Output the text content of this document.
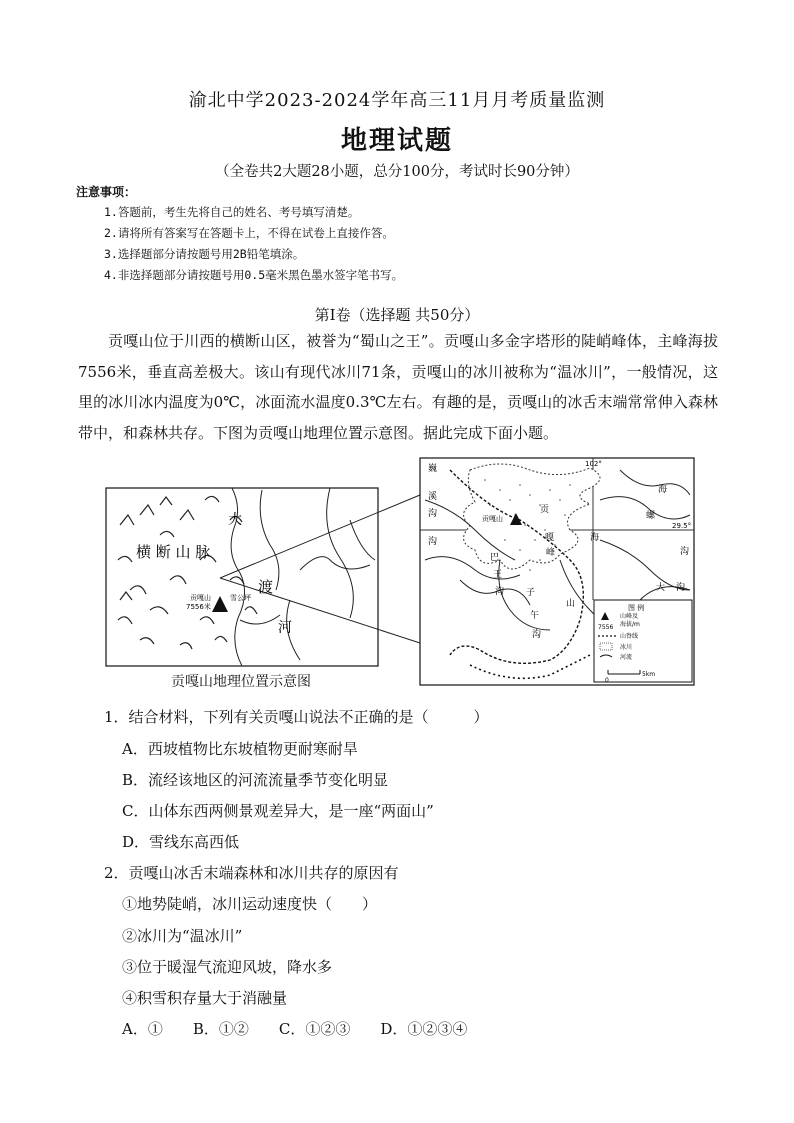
渝北中学2023-2024学年高三11月月考质量监测
地理试题
（全卷共2大题28小题，总分100分，考试时长90分钟）
注意事项：
1.答题前，考生先将自己的姓名、考号填写清楚。
2.请将所有答案写在答题卡上，不得在试卷上直接作答。
3.选择题部分请按题号用2B铅笔填涂。
4.非选择题部分请按题号用0.5毫米黑色墨水签字笔书写。
第Ⅰ卷（选择题 共50分）
贡嘎山位于川西的横断山区，被誉为“蜀山之王”。贡嘎山多金字塔形的陡峭峰体，主峰海拔7556米，垂直高差极大。该山有现代冰川71条，贡嘎山的冰川被称为“温冰川”，一般情况，这里的冰川冰内温度为0℃，冰面流水温度0.3℃左右。有趣的是，贡嘎山的冰舌末端常常伸入森林带中，和森林共存。下图为贡嘎山地理位置示意图。据此完成下面小题。
大
横 断 山 脉
渡
河
贡嘎山
7556米
雪公坪
102°
29.5°
贡嘎山
巍
溪
沟
沟	海
贡
嘎
峰
巴
王
沟 子
午
沟
山
海
螺
沟
大 沟
图 例
山峰及
海拔/m
7556
山脊线
冰川
河流
0
5km
贡嘎山地理位置示意图
1．结合材料，下列有关贡嘎山说法不正确的是（　　　）
A．西坡植物比东坡植物更耐寒耐旱
B．流经该地区的河流流量季节变化明显
C．山体东西两侧景观差异大，是一座“两面山”
D．雪线东高西低
2．贡嘎山冰舌末端森林和冰川共存的原因有
①地势陡峭，冰川运动速度快（　　）
②冰川为“温冰川”
③位于暖湿气流迎风坡，降水多
④积雪积存量大于消融量
A．①　　B．①②　　C．①②③　　D．①②③④
